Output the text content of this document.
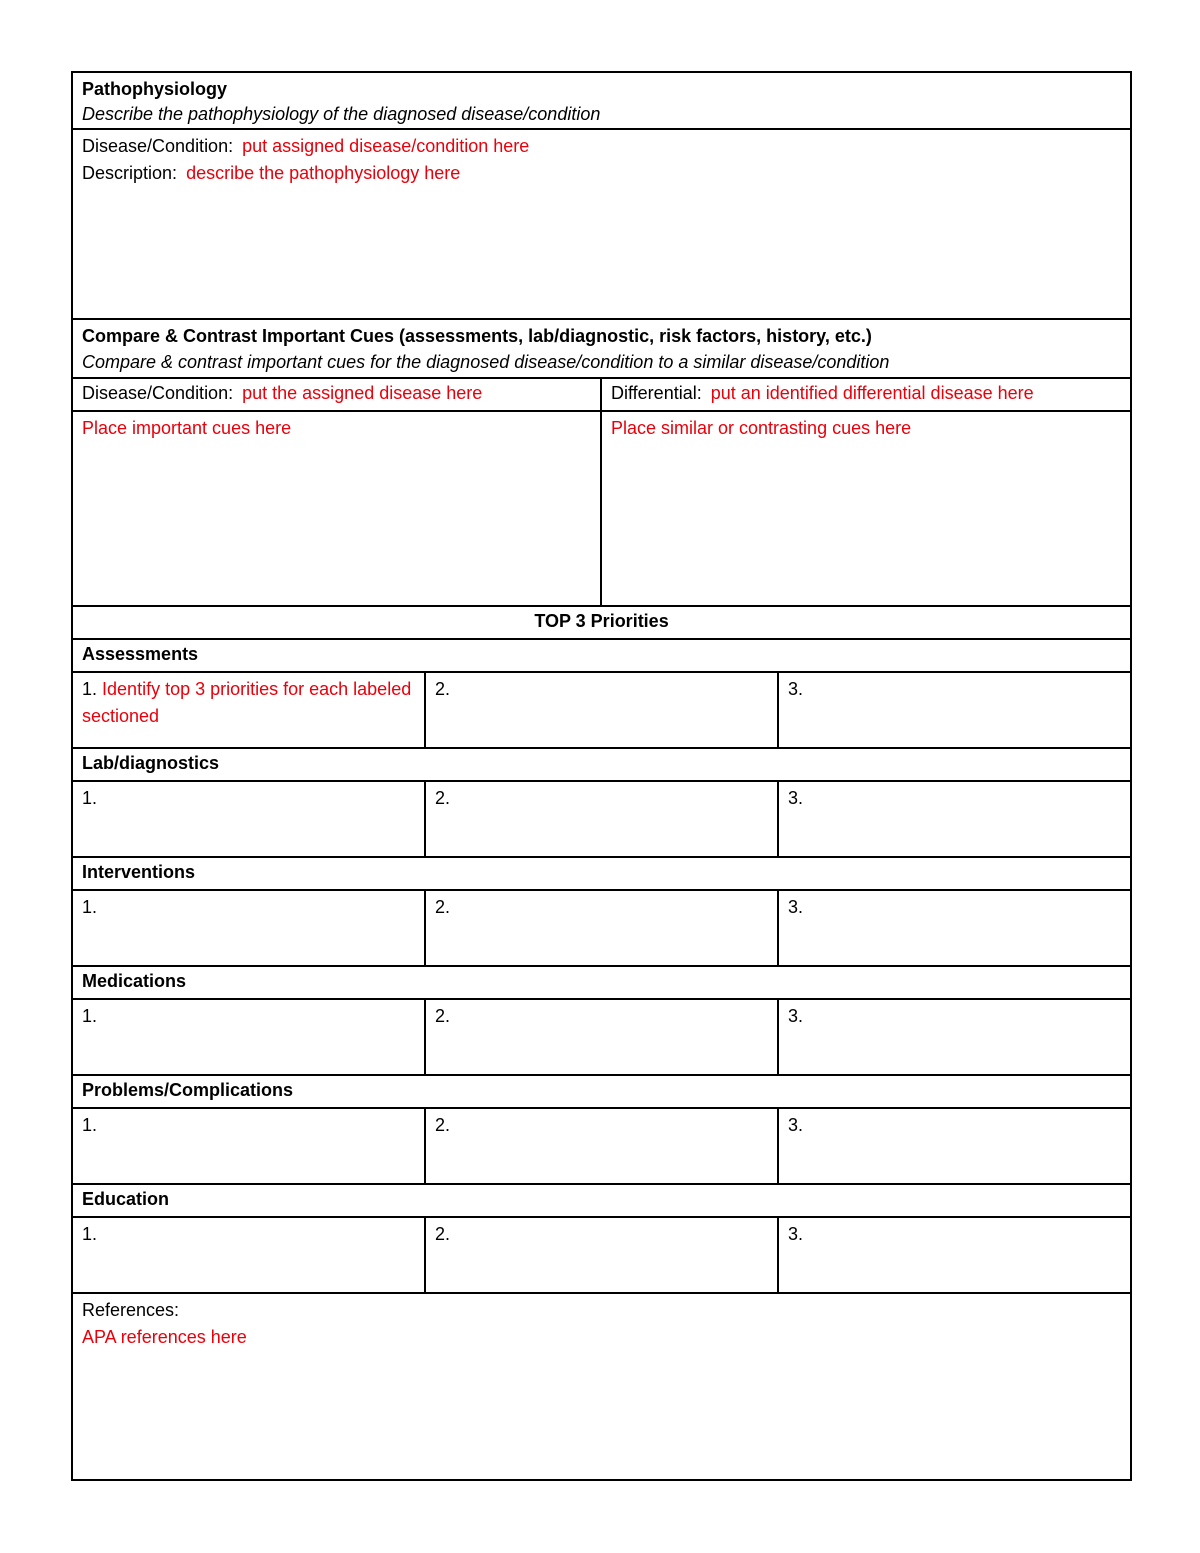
Pathophysiology
Describe the pathophysiology of the diagnosed disease/condition			

Disease/Condition: put assigned disease/condition here
Description: describe the pathophysiology here			

Compare & Contrast Important Cues (assessments, lab/diagnostic, risk factors, history, etc.)
Compare & contrast important cues for the diagnosed disease/condition to a similar disease/condition			

Disease/Condition: put the assigned disease here		Differential: put an identified differential disease here	
Place important cues here		Place similar or contrasting cues here	
TOP 3 Priorities			
Assessments			
1. Identify top 3 priorities for each labeled sectioned	2.		3.
Lab/diagnostics			
1.	2.		3.
Interventions			
1.	2.		3.
Medications			
1.	2.		3.
Problems/Complications			
1.	2.		3.
Education			
1.	2.		3.

References:
APA references here			
